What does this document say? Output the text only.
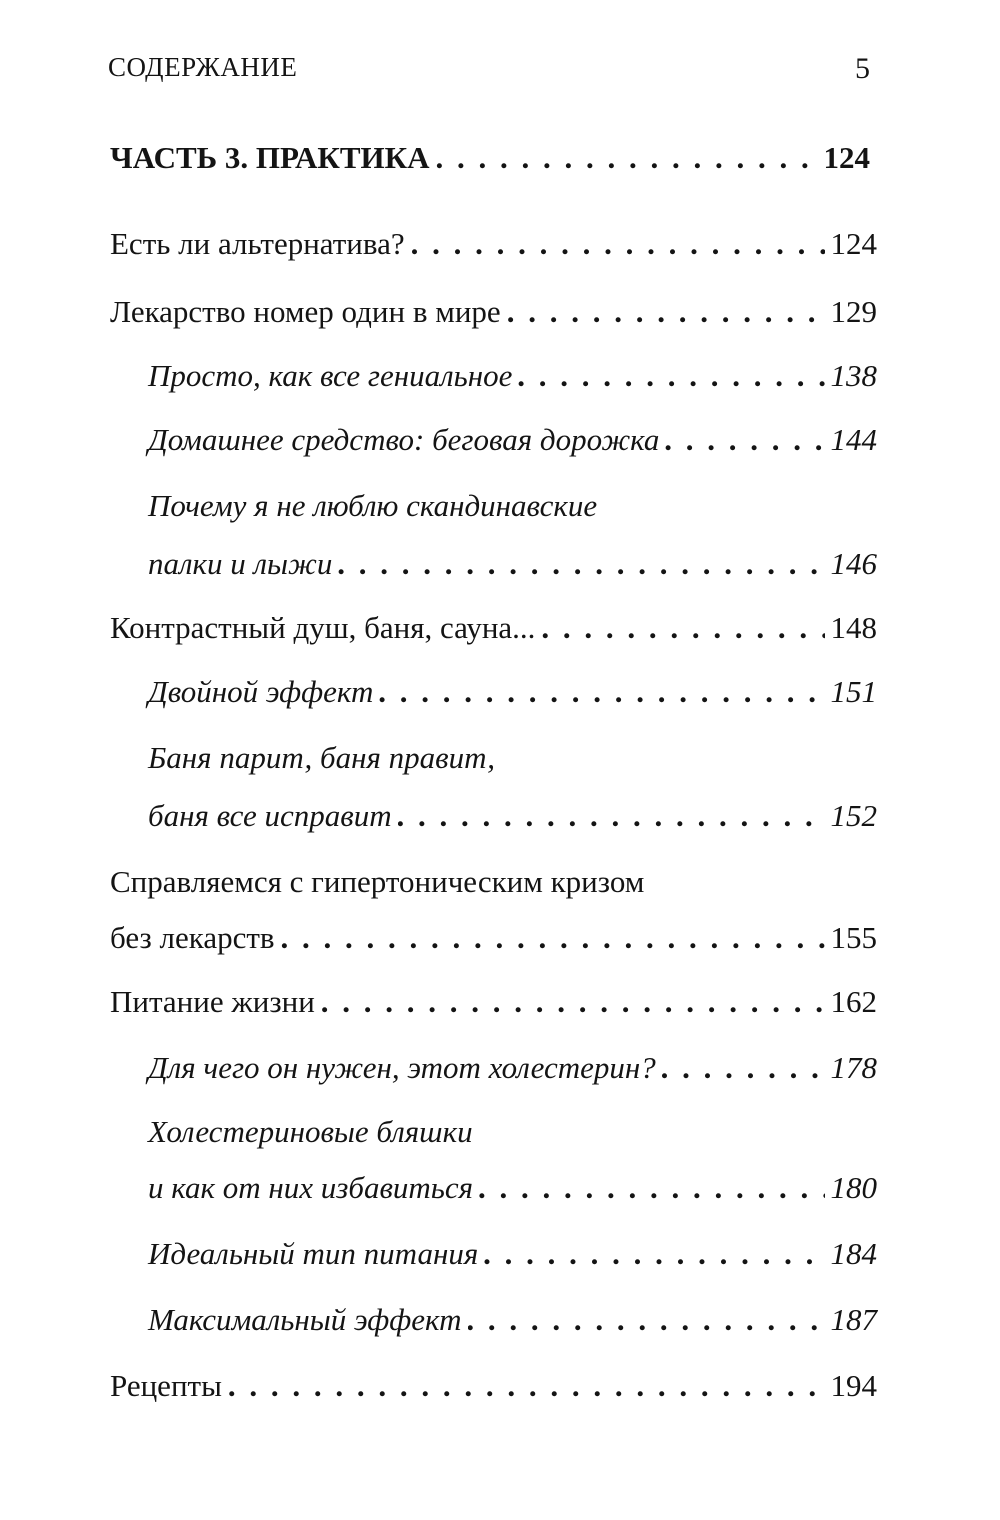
СОДЕРЖАНИЕ	5
ЧАСТЬ 3. ПРАКТИКА . . .	124
Есть ли альтернатива? . . .	124
Лекарство номер один в мире . . .	129
Просто, как все гениальное . . .	138
Домашнее средство: беговая дорожка . . .	144
Почему я не люблю скандинавские
палки и лыжи . . .	146
Контрастный душ, баня, сауна... . . .	148
Двойной эффект . . .	151
Баня парит, баня правит,
баня все исправит . . .	152
Справляемся с гипертоническим кризом
без лекарств . . .	155
Питание жизни . . .	162
Для чего он нужен, этот холестерин? . . .	178
Холестериновые бляшки
и как от них избавиться . . .	180
Идеальный тип питания . . .	184
Максимальный эффект . . .	187
Рецепты . . .	194
